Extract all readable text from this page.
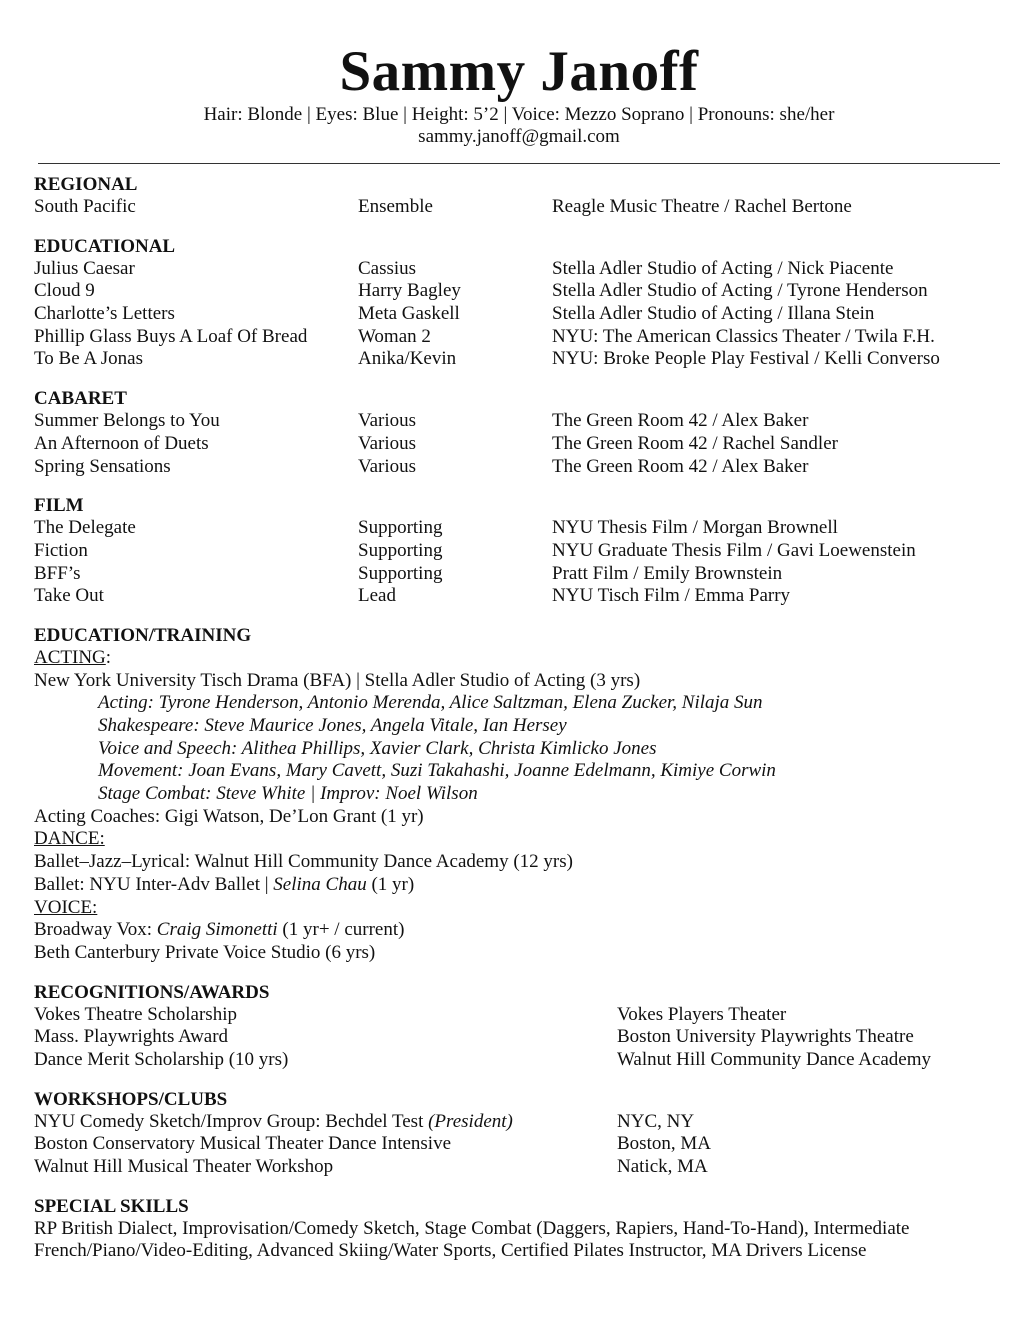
Sammy Janoff
Hair: Blonde | Eyes: Blue | Height: 5’2 | Voice: Mezzo Soprano | Pronouns: she/her
sammy.janoff@gmail.com
REGIONAL
South Pacific	Ensemble	Reagle Music Theatre / Rachel Bertone
EDUCATIONAL
Julius Caesar	Cassius	Stella Adler Studio of Acting / Nick Piacente
Cloud 9	Harry Bagley	Stella Adler Studio of Acting / Tyrone Henderson
Charlotte’s Letters	Meta Gaskell	Stella Adler Studio of Acting / Illana Stein
Phillip Glass Buys A Loaf Of Bread	Woman 2	NYU: The American Classics Theater / Twila F.H.
To Be A Jonas	Anika/Kevin	NYU: Broke People Play Festival / Kelli Converso
CABARET
Summer Belongs to You	Various	The Green Room 42 / Alex Baker
An Afternoon of Duets	Various	The Green Room 42 / Rachel Sandler
Spring Sensations	Various	The Green Room 42 / Alex Baker
FILM
The Delegate	Supporting	NYU Thesis Film / Morgan Brownell
Fiction	Supporting	NYU Graduate Thesis Film / Gavi Loewenstein
BFF’s	Supporting	Pratt Film / Emily Brownstein
Take Out	Lead	NYU Tisch Film / Emma Parry
EDUCATION/TRAINING
ACTING:
New York University Tisch Drama (BFA) | Stella Adler Studio of Acting (3 yrs)
Acting: Tyrone Henderson, Antonio Merenda, Alice Saltzman, Elena Zucker, Nilaja Sun
Shakespeare: Steve Maurice Jones, Angela Vitale, Ian Hersey
Voice and Speech: Alithea Phillips, Xavier Clark, Christa Kimlicko Jones
Movement: Joan Evans, Mary Cavett, Suzi Takahashi, Joanne Edelmann, Kimiye Corwin
Stage Combat: Steve White | Improv: Noel Wilson
Acting Coaches: Gigi Watson, De’Lon Grant (1 yr)
DANCE:
Ballet–Jazz–Lyrical: Walnut Hill Community Dance Academy (12 yrs)
Ballet: NYU Inter-Adv Ballet | Selina Chau (1 yr)
VOICE:
Broadway Vox: Craig Simonetti (1 yr+ / current)
Beth Canterbury Private Voice Studio (6 yrs)
RECOGNITIONS/AWARDS
Vokes Theatre Scholarship	Vokes Players Theater
Mass. Playwrights Award	Boston University Playwrights Theatre
Dance Merit Scholarship (10 yrs)	Walnut Hill Community Dance Academy
WORKSHOPS/CLUBS
NYU Comedy Sketch/Improv Group: Bechdel Test (President)	NYC, NY
Boston Conservatory Musical Theater Dance Intensive	Boston, MA
Walnut Hill Musical Theater Workshop	Natick, MA
SPECIAL SKILLS
RP British Dialect, Improvisation/Comedy Sketch, Stage Combat (Daggers, Rapiers, Hand-To-Hand), Intermediate French/Piano/Video-Editing, Advanced Skiing/Water Sports, Certified Pilates Instructor, MA Drivers License
